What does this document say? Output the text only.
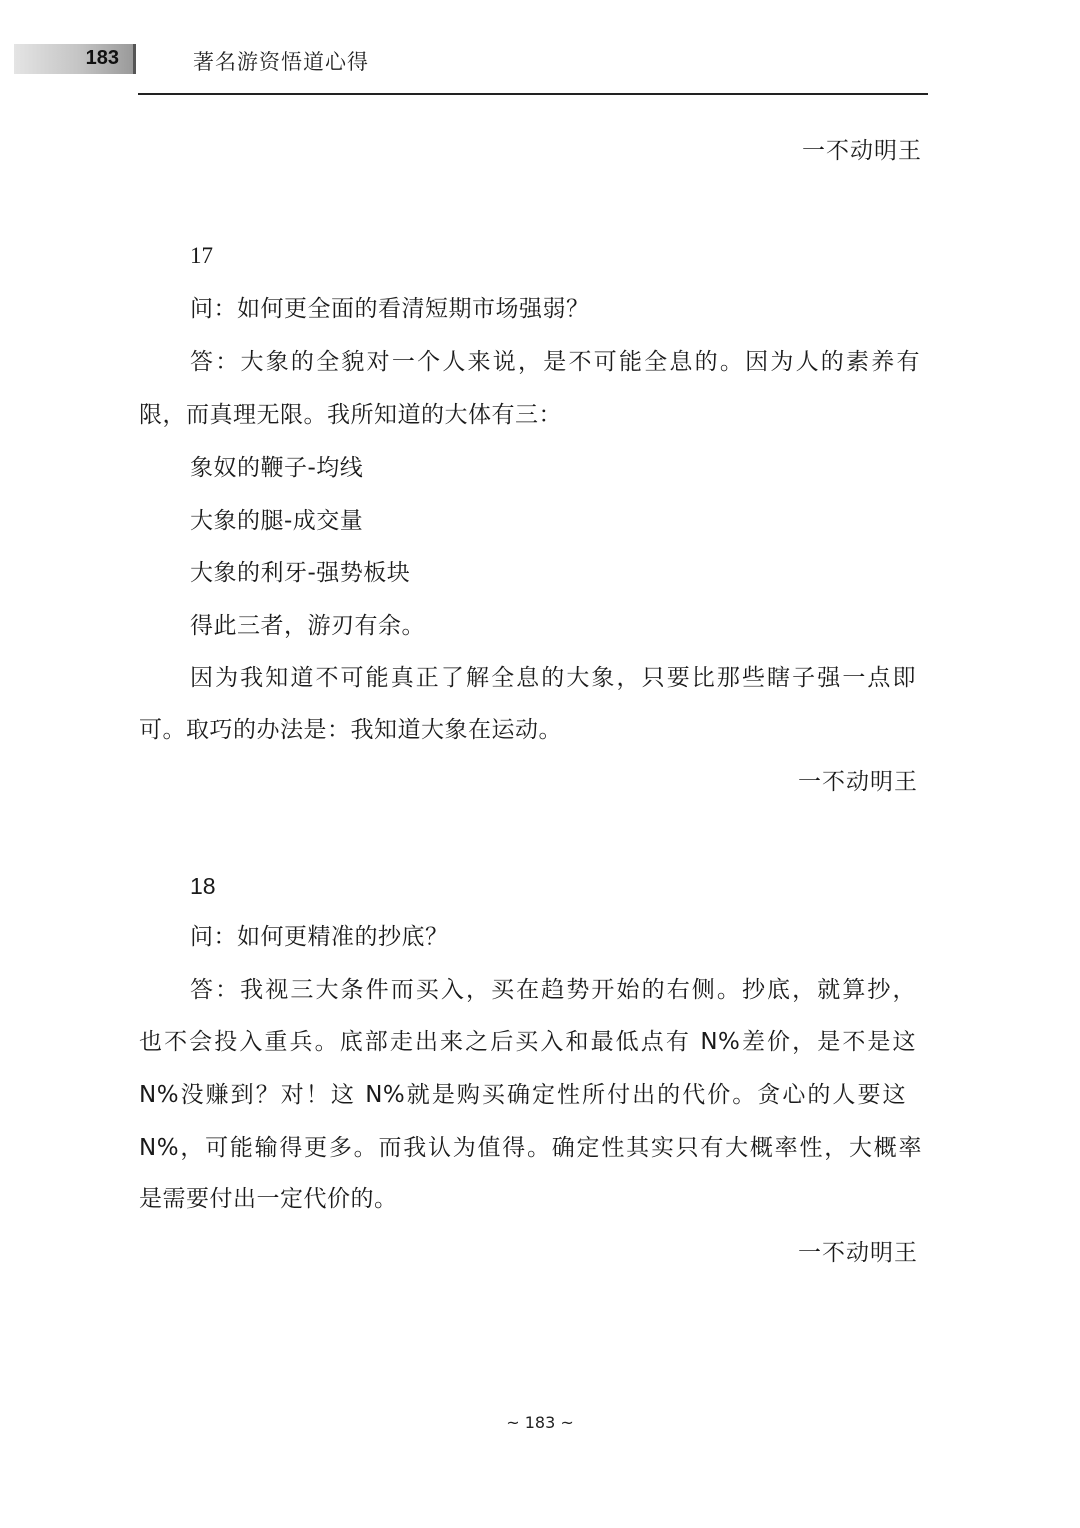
183	著名游资悟道心得
一不动明王
17
问：如何更全面的看清短期市场强弱？
答：大象的全貌对一个人来说，是不可能全息的。因为人的素养有
限，而真理无限。我所知道的大体有三：
象奴的鞭子-均线
大象的腿-成交量
大象的利牙-强势板块
得此三者，游刃有余。
因为我知道不可能真正了解全息的大象，只要比那些瞎子强一点即
可。取巧的办法是：我知道大象在运动。
一不动明王
18
问：如何更精准的抄底？
答：我视三大条件而买入，买在趋势开始的右侧。抄底，就算抄，
也不会投入重兵。底部走出来之后买入和最低点有 N%差价，是不是这
N%没赚到？对！这 N%就是购买确定性所付出的代价。贪心的人要这
N%，可能输得更多。而我认为值得。确定性其实只有大概率性，大概率
是需要付出一定代价的。
一不动明王
~ 183 ~
